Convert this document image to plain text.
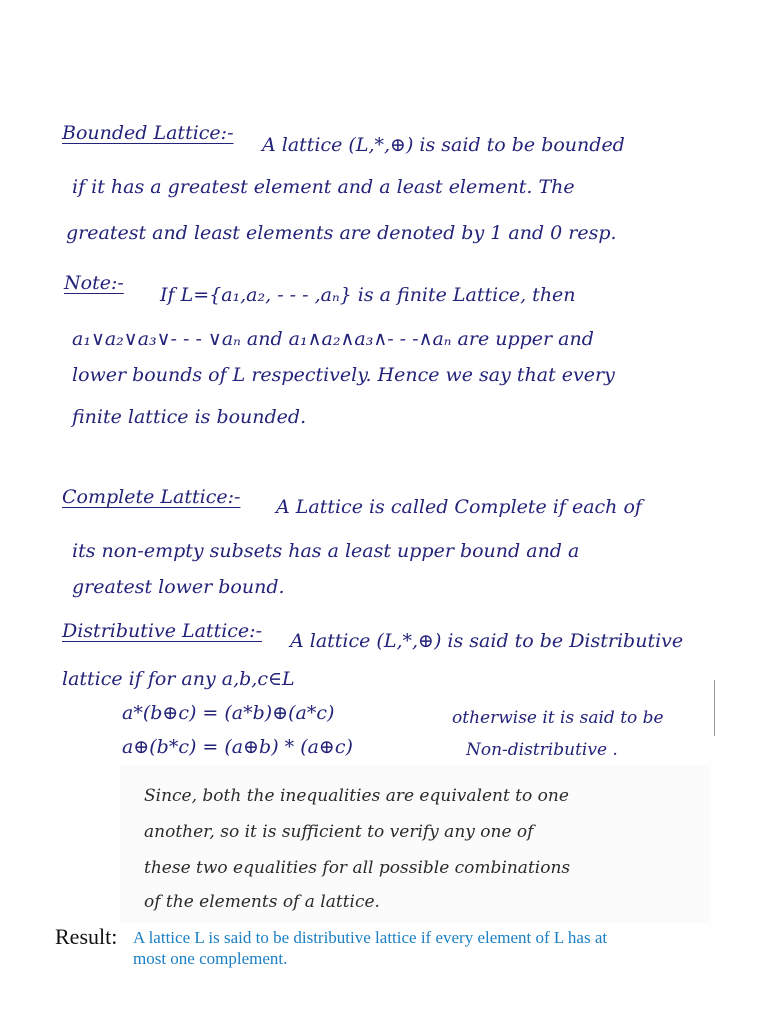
Bounded Lattice:-
A lattice (L,*,⊕) is said to be bounded
if it has a greatest element and a least element. The
greatest and least elements are denoted by 1 and 0 resp.
Note:-
If L={a₁,a₂, - - - ,aₙ} is a finite Lattice, then
a₁∨a₂∨a₃∨- - - ∨aₙ and a₁∧a₂∧a₃∧- - -∧aₙ are upper and
lower bounds of L respectively. Hence we say that every
finite lattice is bounded.
Complete Lattice:- A Lattice is called Complete if each of
its non-empty subsets has a least upper bound and a
greatest lower bound.
Distributive Lattice:- A lattice (L,*,⊕) is said to be Distributive
lattice if for any a,b,c∈L
a*(b⊕c) = (a*b)⊕(a*c)
a⊕(b*c) = (a⊕b) * (a⊕c)
otherwise it is said to be
Non-distributive .
Since, both the inequalities are equivalent to one
another, so it is sufficient to verify any one of
these two equalities for all possible combinations
of the elements of a lattice.
Result: A lattice L is said to be distributive lattice if every element of L has at most one complement.
